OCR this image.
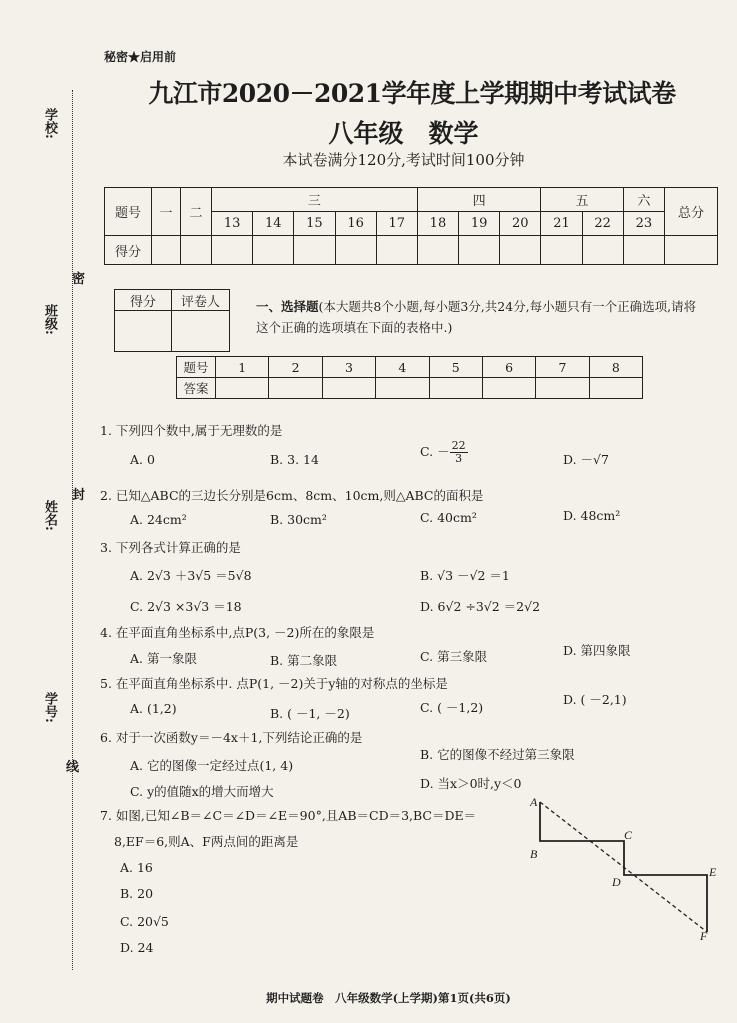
秘密★启用前
九江市2020－2021学年度上学期期中考试试卷
八年级　数学
本试卷满分120分,考试时间100分钟
学校:
班级:
姓名:
学号:
密
封
线
题号	一	二	三					四			五		六	总分
			13	14	15	16	17	18	19	20	21	22	23	
得分														
得分	评卷人
		一、选择题(本大题共8个小题,每小题3分,共24分,每小题只有一个正确选项,请将这个正确的选项填在下面的表格中.)
题号	1	2	3	4	5	6	7	8
答案								
1. 下列四个数中,属于无理数的是
A. 0	B. 3. 14
C. － $\frac{22}{3}$	D. －√7
2. 已知△ABC的三边长分别是6cm、8cm、10cm,则△ABC的面积是
A. 24cm²	B. 30cm²	C. 40cm²	D. 48cm²
3. 下列各式计算正确的是
A. 2√3 ＋3√5 ＝5√8	B. √3 －√2 ＝1
C. 2√3 ×3√3 ＝18	D. 6√2 ÷3√2 ＝2√2
4. 在平面直角坐标系中,点P(3, －2)所在的象限是
A. 第一象限	B. 第二象限	C. 第三象限	D. 第四象限
5. 在平面直角坐标系中. 点P(1, －2)关于y轴的对称点的坐标是
A. (1,2)	B. ( －1, －2)	C. ( －1,2)
D. ( －2,1)
6. 对于一次函数y＝－4x＋1,下列结论正确的是
A. 它的图像一定经过点(1, 4)
B. 它的图像不经过第三象限
C. y的值随x的增大而增大
D. 当x＞0时,y＜0
7. 如图,已知∠B＝∠C＝∠D＝∠E＝90°,且AB＝CD＝3,BC＝DE＝
8,EF＝6,则A、F两点间的距离是
A. 16
B. 20
C. 20√5
D. 24
A
B
C
D
E
F
期中试题卷　八年级数学(上学期)第1页(共6页)
